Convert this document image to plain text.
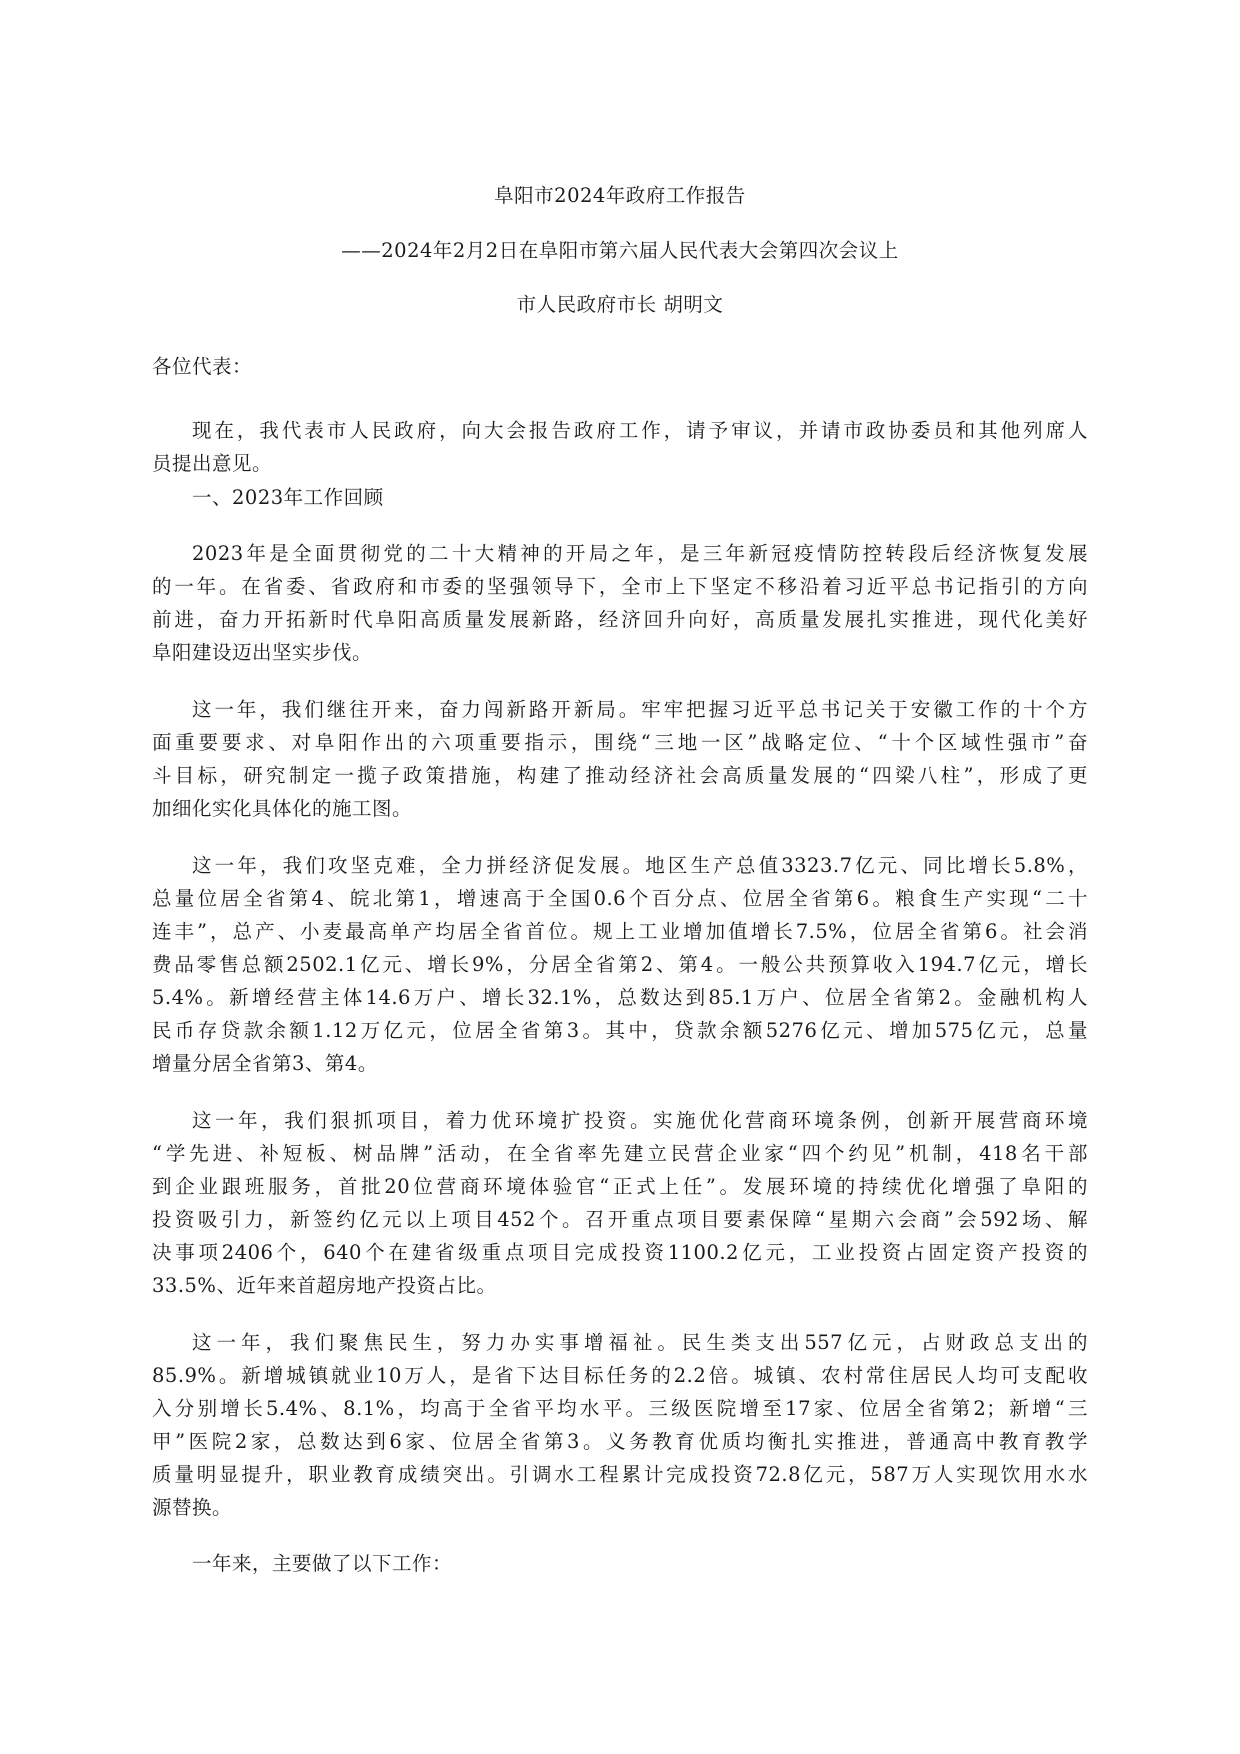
阜阳市2024年政府工作报告
——2024年2月2日在阜阳市第六届人民代表大会第四次会议上
市人民政府市长 胡明文
各位代表：
现在，我代表市人民政府，向大会报告政府工作，请予审议，并请市政协委员和其他列席人
员提出意见。
一、2023年工作回顾
2023年是全面贯彻党的二十大精神的开局之年，是三年新冠疫情防控转段后经济恢复发展
的一年。在省委、省政府和市委的坚强领导下，全市上下坚定不移沿着习近平总书记指引的方向
前进，奋力开拓新时代阜阳高质量发展新路，经济回升向好，高质量发展扎实推进，现代化美好
阜阳建设迈出坚实步伐。
这一年，我们继往开来，奋力闯新路开新局。牢牢把握习近平总书记关于安徽工作的十个方
面重要要求、对阜阳作出的六项重要指示，围绕“三地一区”战略定位、“十个区域性强市”奋
斗目标，研究制定一揽子政策措施，构建了推动经济社会高质量发展的“四梁八柱”，形成了更
加细化实化具体化的施工图。
这一年，我们攻坚克难，全力拼经济促发展。地区生产总值3323.7亿元、同比增长5.8%，
总量位居全省第4、皖北第1，增速高于全国0.6个百分点、位居全省第6。粮食生产实现“二十
连丰”，总产、小麦最高单产均居全省首位。规上工业增加值增长7.5%，位居全省第6。社会消
费品零售总额2502.1亿元、增长9%，分居全省第2、第4。一般公共预算收入194.7亿元，增长
5.4%。新增经营主体14.6万户、增长32.1%，总数达到85.1万户、位居全省第2。金融机构人
民币存贷款余额1.12万亿元，位居全省第3。其中，贷款余额5276亿元、增加575亿元，总量
增量分居全省第3、第4。
这一年，我们狠抓项目，着力优环境扩投资。实施优化营商环境条例，创新开展营商环境
“学先进、补短板、树品牌”活动，在全省率先建立民营企业家“四个约见”机制，418名干部
到企业跟班服务，首批20位营商环境体验官“正式上任”。发展环境的持续优化增强了阜阳的
投资吸引力，新签约亿元以上项目452个。召开重点项目要素保障“星期六会商”会592场、解
决事项2406个，640个在建省级重点项目完成投资1100.2亿元，工业投资占固定资产投资的
33.5%、近年来首超房地产投资占比。
这一年，我们聚焦民生，努力办实事增福祉。民生类支出557亿元，占财政总支出的
85.9%。新增城镇就业10万人，是省下达目标任务的2.2倍。城镇、农村常住居民人均可支配收
入分别增长5.4%、8.1%，均高于全省平均水平。三级医院增至17家、位居全省第2；新增“三
甲”医院2家，总数达到6家、位居全省第3。义务教育优质均衡扎实推进，普通高中教育教学
质量明显提升，职业教育成绩突出。引调水工程累计完成投资72.8亿元，587万人实现饮用水水
源替换。
一年来，主要做了以下工作：
